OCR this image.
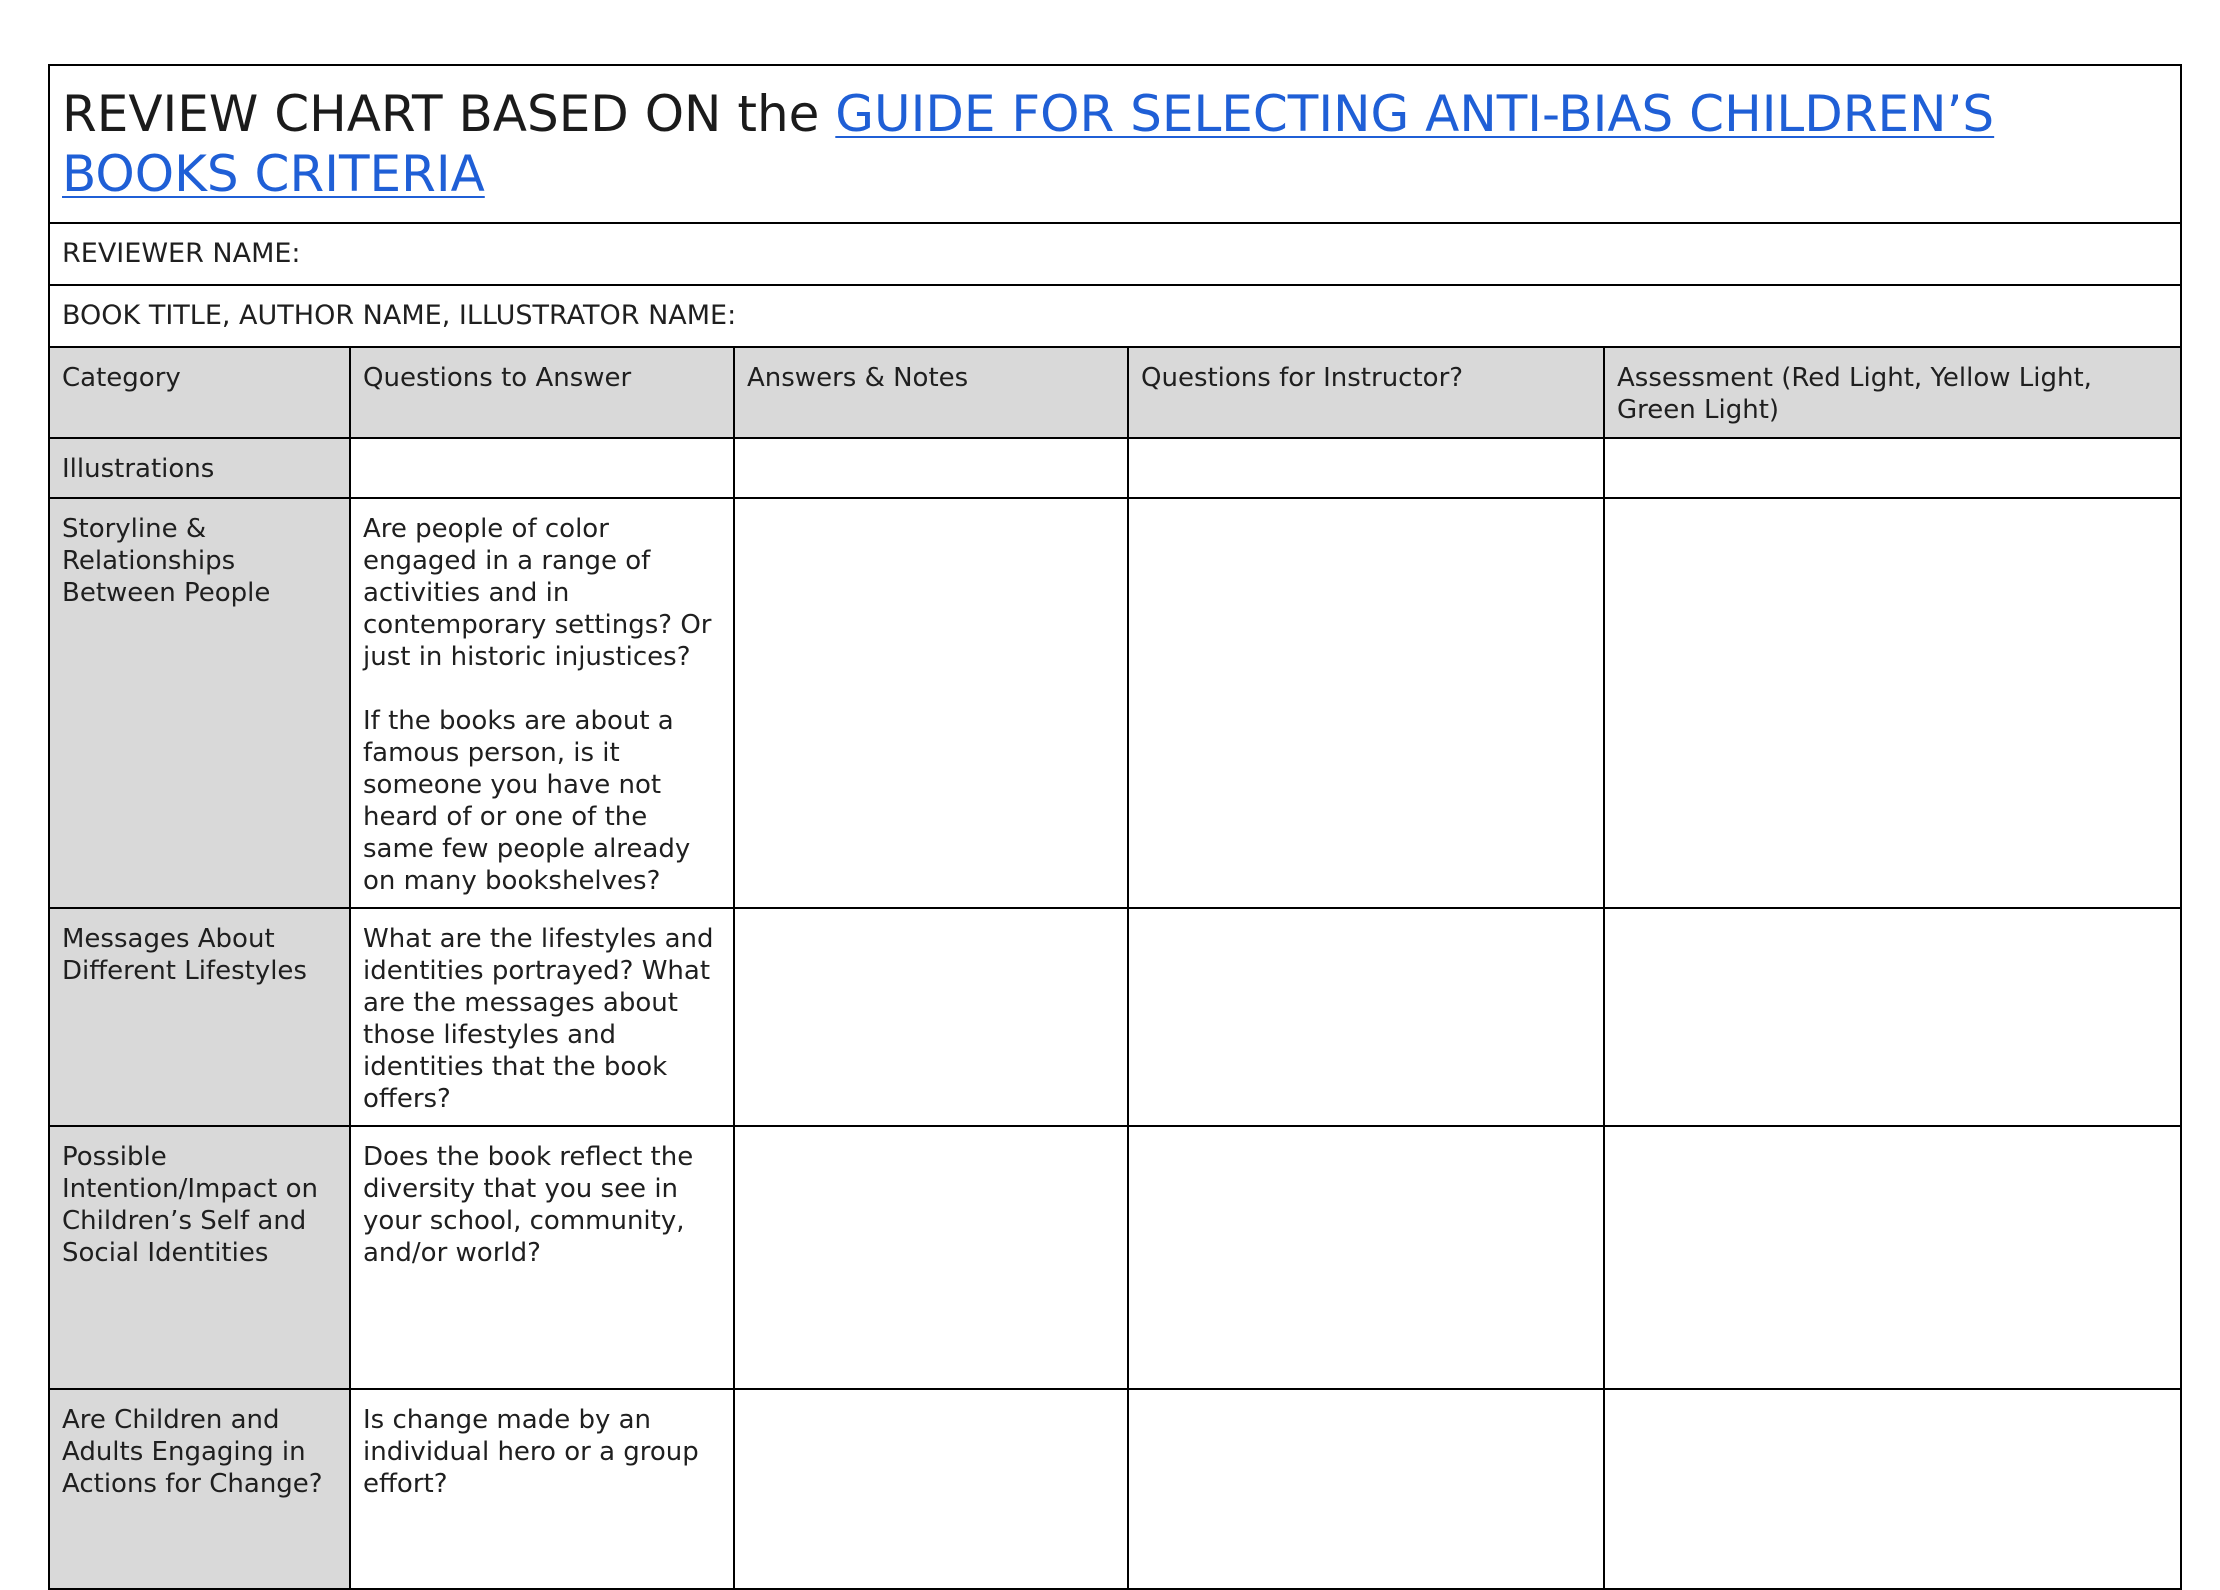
REVIEW CHART BASED ON the GUIDE FOR SELECTING ANTI-BIAS CHILDREN’S BOOKS CRITERIA
REVIEWER NAME:
BOOK TITLE, AUTHOR NAME, ILLUSTRATOR NAME:
Category	Questions to Answer	Answers & Notes	Questions for Instructor?	Assessment (Red Light, Yellow Light, Green Light)
Illustrations				
Storyline & Relationships Between People	Are people of color engaged in a range of activities and in contemporary settings? Or just in historic injustices?

If the books are about a famous person, is it someone you have not heard of or one of the same few people already on many bookshelves?			

Messages About Different Lifestyles	What are the lifestyles and identities portrayed? What are the messages about those lifestyles and identities that the book offers?			

Possible Intention/Impact on Children’s Self and Social Identities	Does the book reflect the diversity that you see in your school, community, and/or world?			

Are Children and Adults Engaging in Actions for Change?	Is change made by an individual hero or a group effort?			
